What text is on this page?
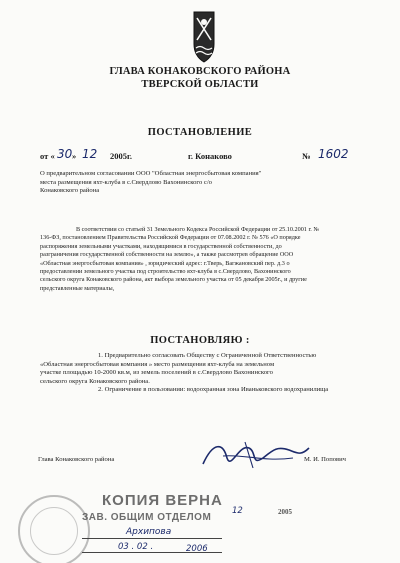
ГЛАВА КОНАКОВСКОГО РАЙОНА
ТВЕРСКОЙ ОБЛАСТИ
ПОСТАНОВЛЕНИЕ
от « 30 » 12 2005г.	г. Конаково	№ 1602
О предварительном согласовании ООО "Областная энергосбытовая компания"
места размещения яхт-клуба в с.Свердлово Вахонинского с/о
Конаковского района
В соответствии со статьей 31 Земельного Кодекса Российской Федерации от 25.10.2001 г. №
136-ФЗ, постановлением Правительства Российской Федерации от 07.08.2002 г. № 576 «О порядке
распоряжения земельными участками, находящимися в государственной собственности, до
разграничения государственной собственности на землю», а также рассмотрев обращение ООО
«Областная энергосбытовая компания» , юридический адрес: г.Тверь, Вагжановский пер. д.3 о
предоставлении земельного участка под строительство яхт-клуба в с.Свердлово, Вахонинского
сельского округа Конаковского района, акт выбора земельного участка от 05 декабря 2005г., и другие
представленные материалы,
ПОСТАНОВЛЯЮ :
1. Предварительно согласовать Обществу с Ограниченной Ответственностью
«Областная энергосбытовая компания » место размещения яхт-клуба на земельном
участке площадью 10-2000 кв.м, из земель поселений в с.Свердлово Вахонинского
сельского округа Конаковского района.
2. Ограничение в пользовании: водоохранная зона Иваньковского водохранилища
Глава Конаковского района	М. И. Попович
КОПИЯ ВЕРНА
ЗАВ. ОБЩИМ ОТДЕЛОМ
Архипова
03 . 02 .	2006
12	2005
